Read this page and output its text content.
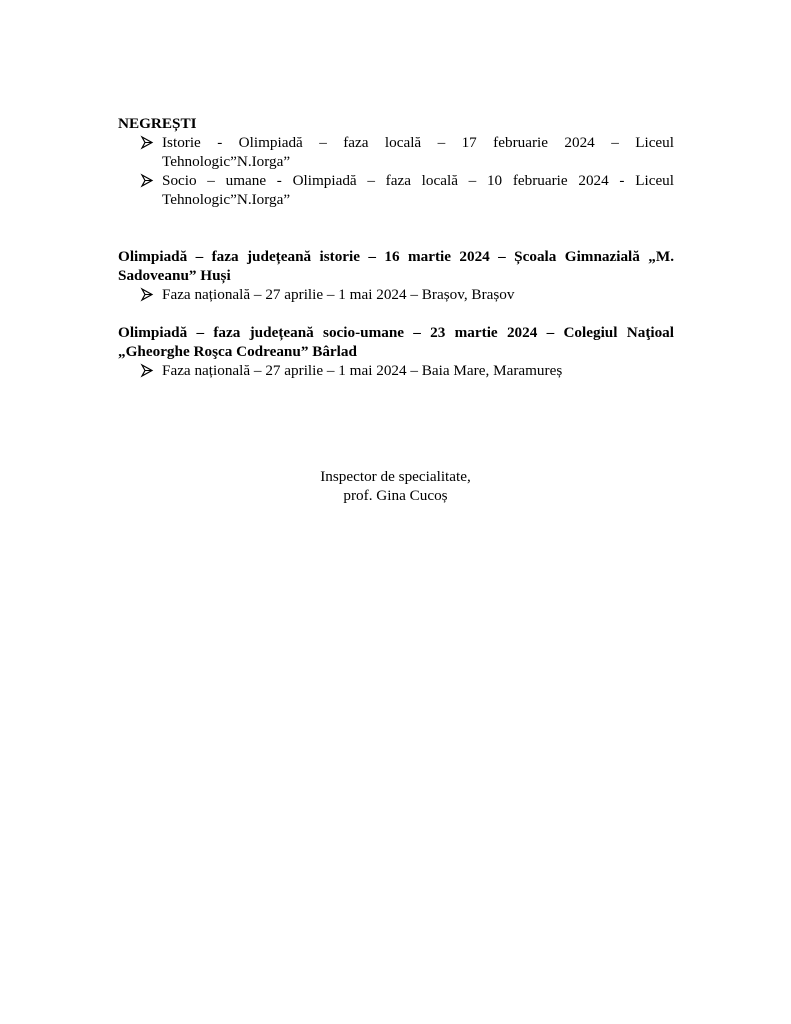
NEGREȘTI

Istorie - Olimpiadă – faza locală – 17 februarie 2024 – Liceul
Tehnologic”N.Iorga”
Socio – umane - Olimpiadă – faza locală – 10 februarie 2024 - Liceul
Tehnologic”N.Iorga”

Olimpiadă – faza județeană istorie – 16 martie 2024 – Școala Gimnazială „M.
Sadoveanu” Huși

Faza națională – 27 aprilie – 1 mai 2024 – Brașov, Brașov

Olimpiadă – faza județeană socio-umane – 23 martie 2024 – Colegiul Naţioal
„Gheorghe Roşca Codreanu” Bârlad

Faza națională – 27 aprilie – 1 mai 2024 – Baia Mare, Maramureș
Inspector de specialitate,
prof. Gina Cucoș
